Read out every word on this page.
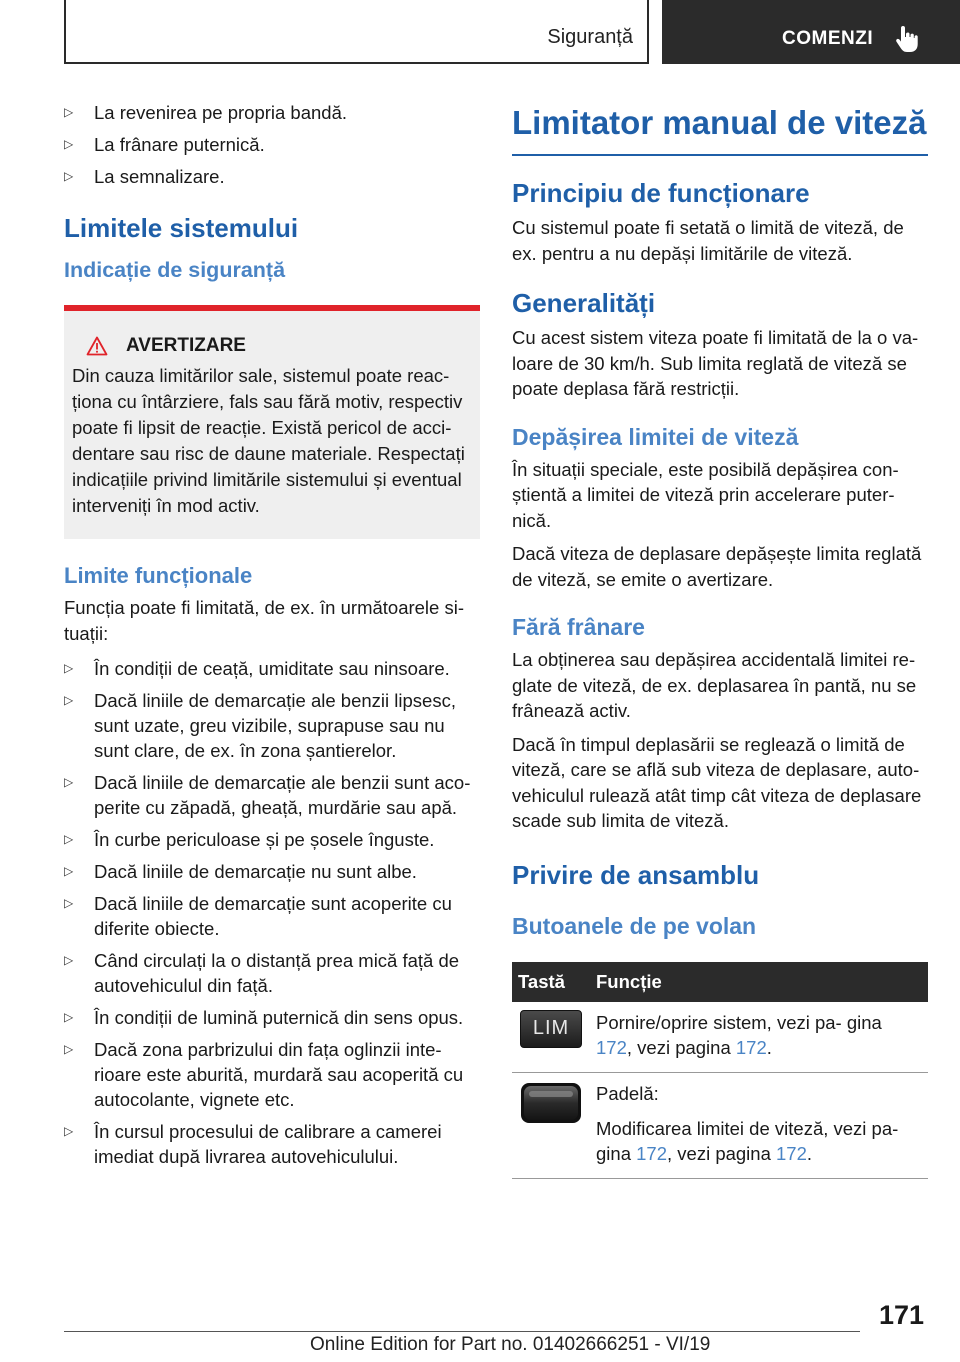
Siguranță	COMENZI
▷ La revenirea pe propria bandă.
▷ La frânare puternică.
▷ La semnalizare.
Limitele sistemului
Indicație de siguranță
AVERTIZARE
Din cauza limitărilor sale, sistemul poate reac- ționa cu întârziere, fals sau fără motiv, respectiv poate fi lipsit de reacție. Există pericol de acci- dentare sau risc de daune materiale. Respectați indicațiile privind limitările sistemului și eventual interveniți în mod activ.
Limite funcționale

Funcția poate fi limitată, de ex. în următoarele si- tuații:

▷ În condiții de ceață, umiditate sau ninsoare.
▷ Dacă liniile de demarcație ale benzii lipsesc, sunt uzate, greu vizibile, suprapuse sau nu sunt clare, de ex. în zona șantierelor.
▷ Dacă liniile de demarcație ale benzii sunt aco- perite cu zăpadă, gheață, murdărie sau apă.
▷ În curbe periculoase și pe șosele înguste.
▷ Dacă liniile de demarcație nu sunt albe.
▷ Dacă liniile de demarcație sunt acoperite cu diferite obiecte.
▷ Când circulați la o distanță prea mică față de autovehiculul din față.
▷ În condiții de lumină puternică din sens opus.
▷ Dacă zona parbrizului din fața oglinzii inte- rioare este aburită, murdară sau acoperită cu autocolante, vignete etc.
▷ În cursul procesului de calibrare a camerei imediat după livrarea autovehiculului.
Limitator manual de viteză
Principiu de funcționare

Cu sistemul poate fi setată o limită de viteză, de ex. pentru a nu depăși limitările de viteză.

Generalități

Cu acest sistem viteza poate fi limitată de la o va- loare de 30 km/h. Sub limita reglată de viteză se poate deplasa fără restricții.

Depășirea limitei de viteză

În situații speciale, este posibilă depășirea con- știentă a limitei de viteză prin accelerare puter- nică.

Dacă viteza de deplasare depășește limita reglată de viteză, se emite o avertizare.

Fără frânare

La obținerea sau depășirea accidentală limitei re- glate de viteză, de ex. deplasarea în pantă, nu se frânează activ.

Dacă în timpul deplasării se reglează o limită de viteză, care se află sub viteza de deplasare, auto- vehiculul rulează atât timp cât viteza de deplasare scade sub limita de viteză.

Privire de ansamblu
Butoanele de pe volan
Tastă	Funcție

LIM	Pornire/oprire sistem, vezi pa- gina 172, vezi pagina 172.

Padelă:

Modificarea limitei de viteză, vezi pa- gina 172, vezi pagina 172.

171
Online Edition for Part no. 01402666251 - VI/19
